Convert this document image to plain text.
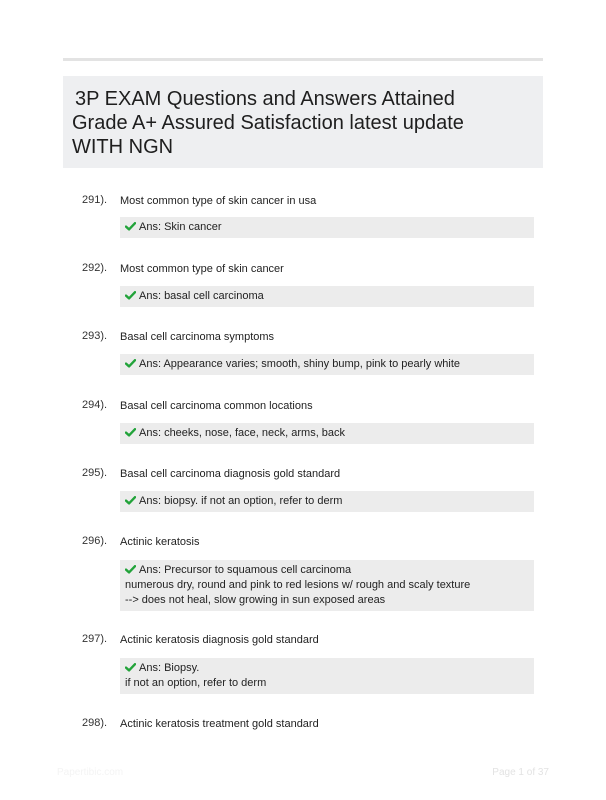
3P EXAM Questions and Answers Attained
Grade A+ Assured Satisfaction latest update
WITH NGN
291). Most common type of skin cancer in usa
Ans: Skin cancer
292). Most common type of skin cancer
Ans: basal cell carcinoma
293). Basal cell carcinoma symptoms
Ans: Appearance varies; smooth, shiny bump, pink to pearly white
294). Basal cell carcinoma common locations
Ans: cheeks, nose, face, neck, arms, back
295). Basal cell carcinoma diagnosis gold standard
Ans: biopsy. if not an option, refer to derm
296). Actinic keratosis
Ans: Precursor to squamous cell carcinoma
numerous dry, round and pink to red lesions w/ rough and scaly texture
--> does not heal, slow growing in sun exposed areas
297). Actinic keratosis diagnosis gold standard
Ans: Biopsy.
if not an option, refer to derm
298). Actinic keratosis treatment gold standard
Papertibic.com	Page 1 of 37
